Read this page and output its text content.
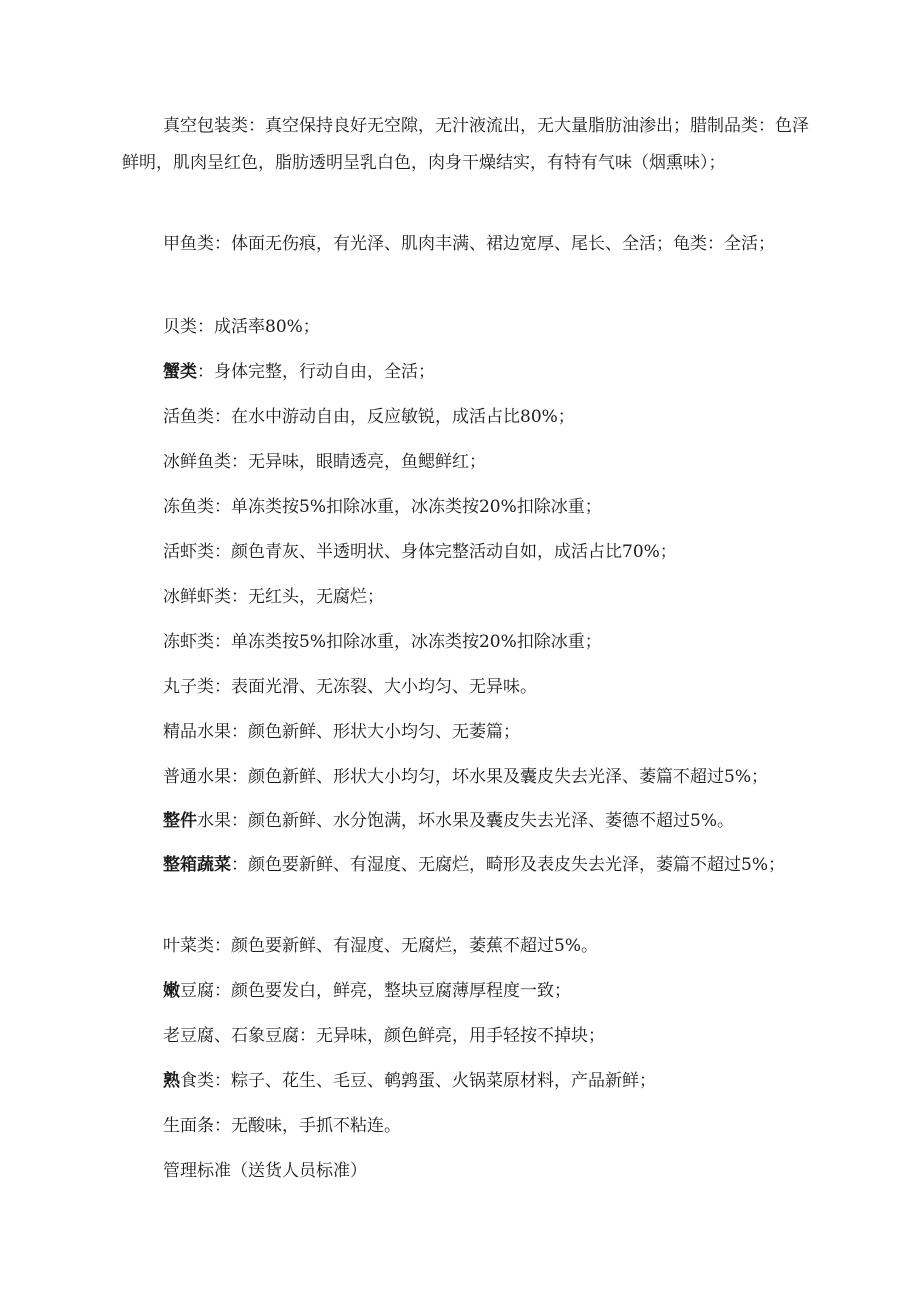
真空包装类：真空保持良好无空隙，无汁液流出，无大量脂肪油渗出；腊制品类：色泽鲜明，肌肉呈红色，脂肪透明呈乳白色，肉身干燥结实，有特有气味（烟熏味）；

甲鱼类：体面无伤痕，有光泽、肌肉丰满、裙边宽厚、尾长、全活；龟类：全活；

贝类：成活率80%；

蟹类：身体完整，行动自由，全活；

活鱼类：在水中游动自由，反应敏锐，成活占比80%；

冰鲜鱼类：无异味，眼睛透亮，鱼鳃鲜红；

冻鱼类：单冻类按5%扣除冰重，冰冻类按20%扣除冰重；

活虾类：颜色青灰、半透明状、身体完整活动自如，成活占比70%；

冰鲜虾类：无红头，无腐烂；

冻虾类：单冻类按5%扣除冰重，冰冻类按20%扣除冰重；

丸子类：表面光滑、无冻裂、大小均匀、无异味。

精品水果：颜色新鲜、形状大小均匀、无萎篇；

普通水果：颜色新鲜、形状大小均匀，坏水果及囊皮失去光泽、萎篇不超过5%；

整件水果：颜色新鲜、水分饱满，坏水果及囊皮失去光泽、萎德不超过5%。

整箱蔬菜：颜色要新鲜、有湿度、无腐烂，畸形及表皮失去光泽，萎篇不超过5%；

叶菜类：颜色要新鲜、有湿度、无腐烂，萎蕉不超过5%。

嫩豆腐：颜色要发白，鲜亮，整块豆腐薄厚程度一致；

老豆腐、石象豆腐：无异味，颜色鲜亮，用手轻按不掉块；

熟食类：粽子、花生、毛豆、鹌鹑蛋、火锅菜原材料，产品新鲜；

生面条：无酸味，手抓不粘连。

管理标准（送货人员标准）
